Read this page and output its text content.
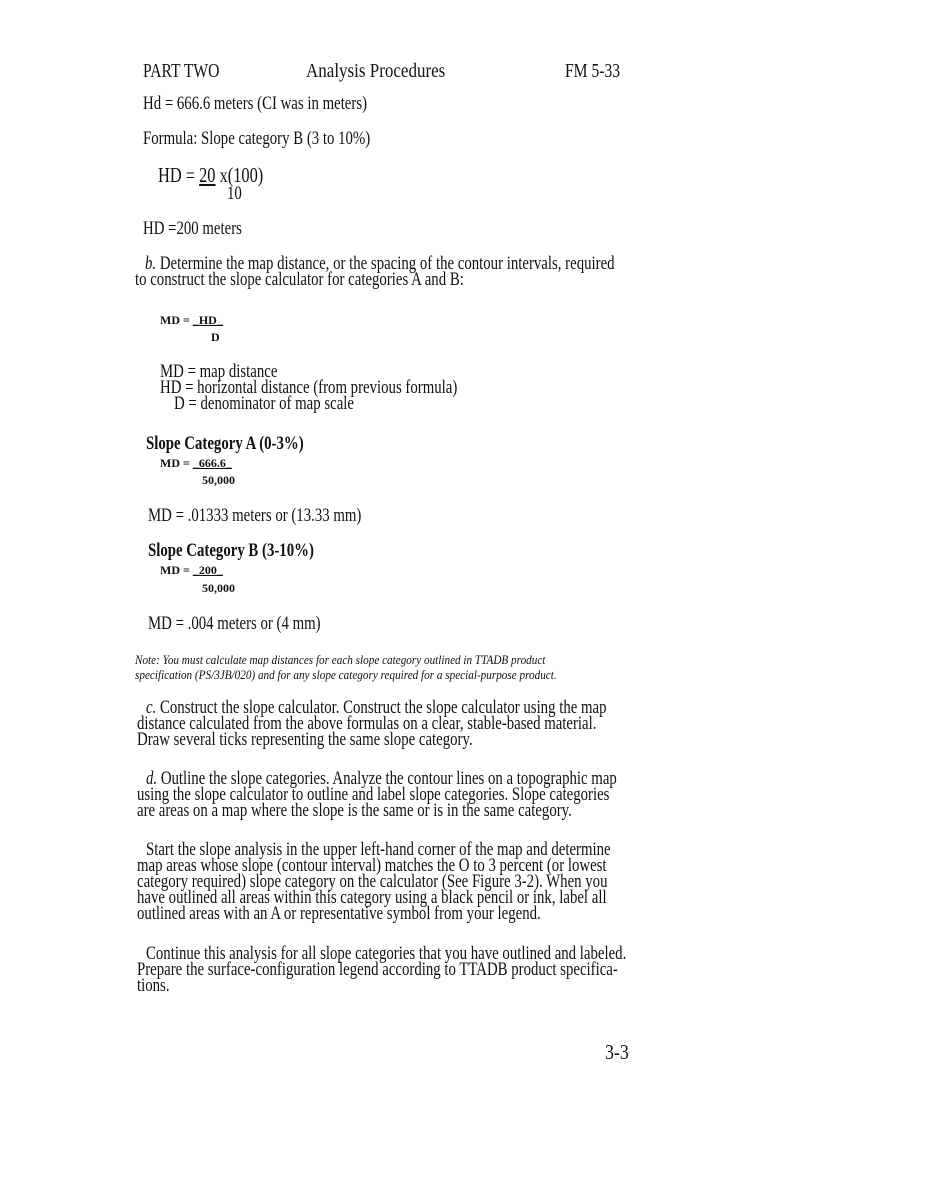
PART TWO	Analysis Procedures	FM 5-33
Hd = 666.6 meters (CI was in meters)
Formula: Slope category B (3 to 10%)
HD = 20 x(100)
10
HD =200 meters
b. Determine the map distance, or the spacing of the contour intervals, required
to construct the slope calculator for categories A and B:
MD = _HD_
D
MD = map distance
HD = horizontal distance (from previous formula)
D = denominator of map scale
Slope Category A (0-3%)
MD = _666.6_
50,000
MD = .01333 meters or (13.33 mm)
Slope Category B (3-10%)
MD = _200_
50,000
MD = .004 meters or (4 mm)
Note: You must calculate map distances for each slope category outlined in TTADB product
specification (PS/3JB/020) and for any slope category required for a special-purpose product.
c. Construct the slope calculator. Construct the slope calculator using the map
distance calculated from the above formulas on a clear, stable-based material.
Draw several ticks representing the same slope category.
d. Outline the slope categories. Analyze the contour lines on a topographic map
using the slope calculator to outline and label slope categories. Slope categories
are areas on a map where the slope is the same or is in the same category.
Start the slope analysis in the upper left-hand corner of the map and determine
map areas whose slope (contour interval) matches the O to 3 percent (or lowest
category required) slope category on the calculator (See Figure 3-2). When you
have outlined all areas within this category using a black pencil or ink, label all
outlined areas with an A or representative symbol from your legend.
Continue this analysis for all slope categories that you have outlined and labeled.
Prepare the surface-configuration legend according to TTADB product specifica-
tions.
3-3
